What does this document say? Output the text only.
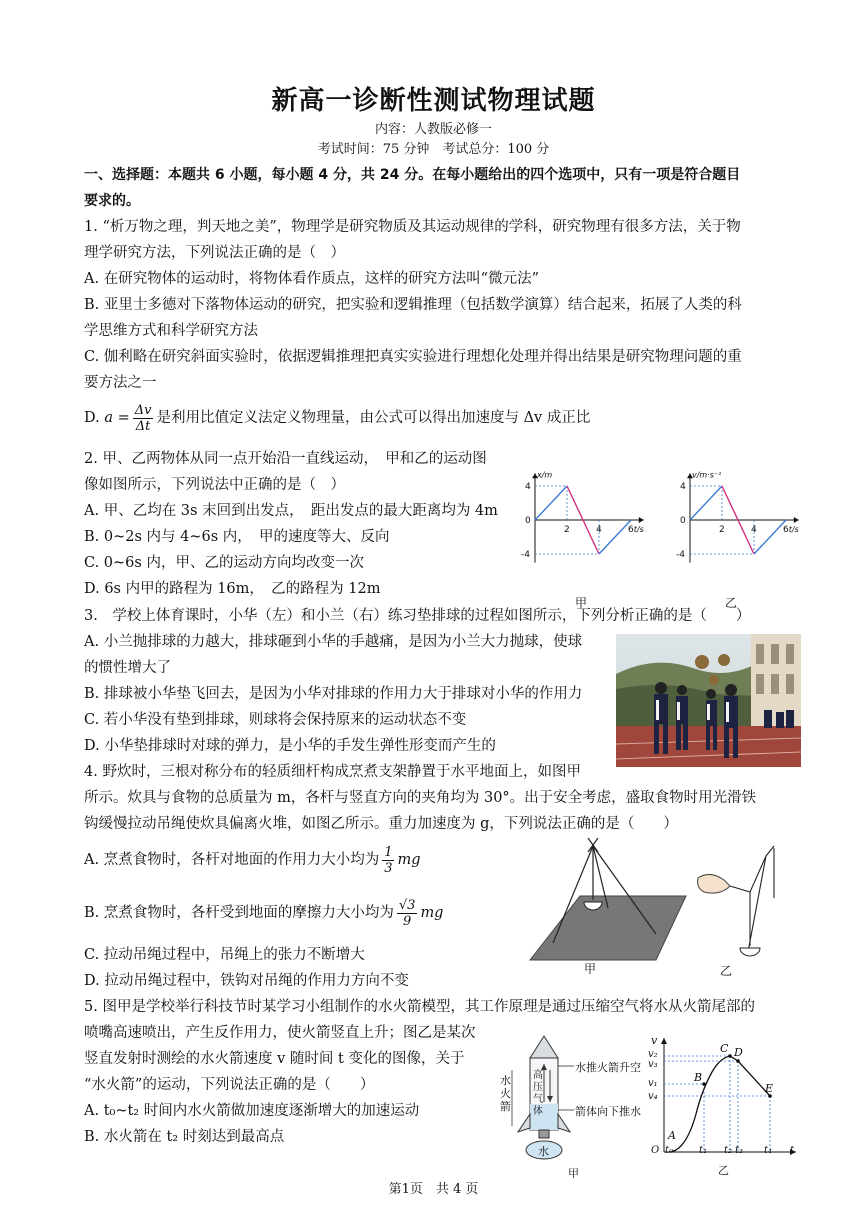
新高一诊断性测试物理试题
内容：人教版必修一
考试时间：75 分钟　考试总分：100 分
一、选择题：本题共 6 小题，每小题 4 分，共 24 分。在每小题给出的四个选项中，只有一项是符合题目
要求的。
1. “析万物之理，判天地之美”，物理学是研究物质及其运动规律的学科，研究物理有很多方法，关于物
理学研究方法，下列说法正确的是（　）
A. 在研究物体的运动时，将物体看作质点，这样的研究方法叫“微元法”
B. 亚里士多德对下落物体运动的研究，把实验和逻辑推理（包括数学演算）结合起来，拓展了人类的科
学思维方式和科学研究方法
C. 伽利略在研究斜面实验时，依据逻辑推理把真实实验进行理想化处理并得出结果是研究物理问题的重
要方法之一
D. $a = \frac{\Delta v}{\Delta t}$ 是利用比值定义法定义物理量，由公式可以得出加速度与 Δv 成正比
2. 甲、乙两物体从同一点开始沿一直线运动，　甲和乙的运动图
像如图所示，下列说法中正确的是（　）
A. 甲、乙均在 3s 末回到出发点，　距出发点的最大距离均为 4m
B. 0~2s 内与 4~6s 内，　甲的速度等大、反向
C. 0~6s 内，甲、乙的运动方向均改变一次
D. 6s 内甲的路程为 16m，　乙的路程为 12m
2	4	6
4
0
-4
x/m
t/s	2	4	6
4
0
-4
v/m·s⁻¹
t/s
甲	乙
3.　学校上体育课时，小华（左）和小兰（右）练习垫排球的过程如图所示，下列分析正确的是（　　）
A. 小兰抛排球的力越大，排球砸到小华的手越痛，是因为小兰大力抛球，使球
的惯性增大了
B. 排球被小华垫飞回去，是因为小华对排球的作用力大于排球对小华的作用力
C. 若小华没有垫到排球，则球将会保持原来的运动状态不变
D. 小华垫排球时对球的弹力，是小华的手发生弹性形变而产生的
4. 野炊时，三根对称分布的轻质细杆构成烹煮支架静置于水平地面上，如图甲
所示。炊具与食物的总质量为 m，各杆与竖直方向的夹角均为 30°。出于安全考虑，盛取食物时用光滑铁
钩缓慢拉动吊绳使炊具偏离火堆，如图乙所示。重力加速度为 g，下列说法正确的是（　　）
A. 烹煮食物时，各杆对地面的作用力大小均为 $\frac{1}{3}$ mg
B. 烹煮食物时，各杆受到地面的摩擦力大小均为 $\frac{√3}{9}$ mg
C. 拉动吊绳过程中，吊绳上的张力不断增大
D. 拉动吊绳过程中，铁钩对吊绳的作用力方向不变
甲	乙
5. 图甲是学校举行科技节时某学习小组制作的水火箭模型，其工作原理是通过压缩空气将水从火箭尾部的
喷嘴高速喷出，产生反作用力，使火箭竖直上升；图乙是某次
竖直发射时测绘的水火箭速度 v 随时间 t 变化的图像，关于
“水火箭”的运动，下列说法正确的是（　　）
A. t₀~t₂ 时间内水火箭做加速度逐渐增大的加速运动
B. 水火箭在 t₂ 时刻达到最高点
水推火箭升空
箭体向下推水
水火箭
高压气体
水
甲
v
A
B
C D
E
v₂
v₃
v₁
v₄
O t₀	t₁ t₂ t₃ t₄ t
乙
第1页　共 4 页
